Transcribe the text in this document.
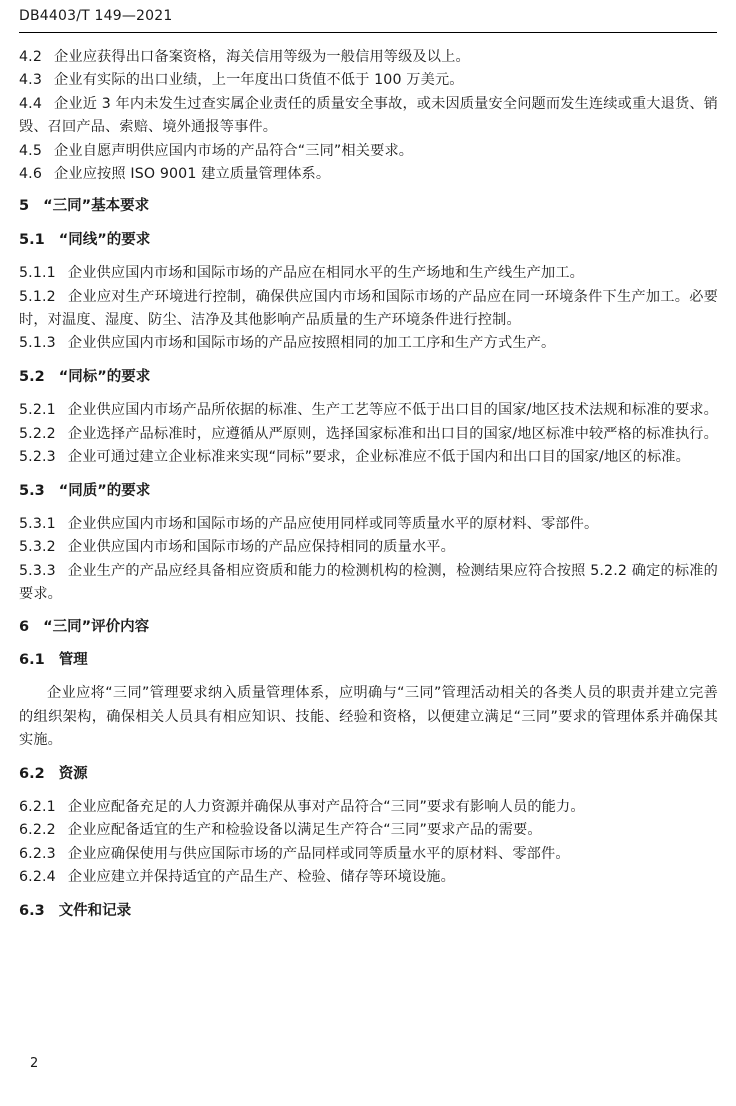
DB4403/T 149—2021
4.2 企业应获得出口备案资格，海关信用等级为一般信用等级及以上。
4.3 企业有实际的出口业绩，上一年度出口货值不低于 100 万美元。
4.4 企业近 3 年内未发生过查实属企业责任的质量安全事故，或未因质量安全问题而发生连续或重大退货、销毁、召回产品、索赔、境外通报等事件。
4.5 企业自愿声明供应国内市场的产品符合“三同”相关要求。
4.6 企业应按照 ISO 9001 建立质量管理体系。
5 “三同”基本要求
5.1 “同线”的要求
5.1.1 企业供应国内市场和国际市场的产品应在相同水平的生产场地和生产线生产加工。
5.1.2 企业应对生产环境进行控制，确保供应国内市场和国际市场的产品应在同一环境条件下生产加工。必要时，对温度、湿度、防尘、洁净及其他影响产品质量的生产环境条件进行控制。
5.1.3 企业供应国内市场和国际市场的产品应按照相同的加工工序和生产方式生产。
5.2 “同标”的要求
5.2.1 企业供应国内市场产品所依据的标准、生产工艺等应不低于出口目的国家/地区技术法规和标准的要求。
5.2.2 企业选择产品标准时，应遵循从严原则，选择国家标准和出口目的国家/地区标准中较严格的标准执行。
5.2.3 企业可通过建立企业标准来实现“同标”要求，企业标准应不低于国内和出口目的国家/地区的标准。
5.3 “同质”的要求
5.3.1 企业供应国内市场和国际市场的产品应使用同样或同等质量水平的原材料、零部件。
5.3.2 企业供应国内市场和国际市场的产品应保持相同的质量水平。
5.3.3 企业生产的产品应经具备相应资质和能力的检测机构的检测，检测结果应符合按照 5.2.2 确定的标准的要求。
6 “三同”评价内容
6.1 管理
企业应将“三同”管理要求纳入质量管理体系，应明确与“三同”管理活动相关的各类人员的职责并建立完善的组织架构，确保相关人员具有相应知识、技能、经验和资格，以便建立满足“三同”要求的管理体系并确保其实施。
6.2 资源
6.2.1 企业应配备充足的人力资源并确保从事对产品符合“三同”要求有影响人员的能力。
6.2.2 企业应配备适宜的生产和检验设备以满足生产符合“三同”要求产品的需要。
6.2.3 企业应确保使用与供应国际市场的产品同样或同等质量水平的原材料、零部件。
6.2.4 企业应建立并保持适宜的产品生产、检验、储存等环境设施。
6.3 文件和记录
2
